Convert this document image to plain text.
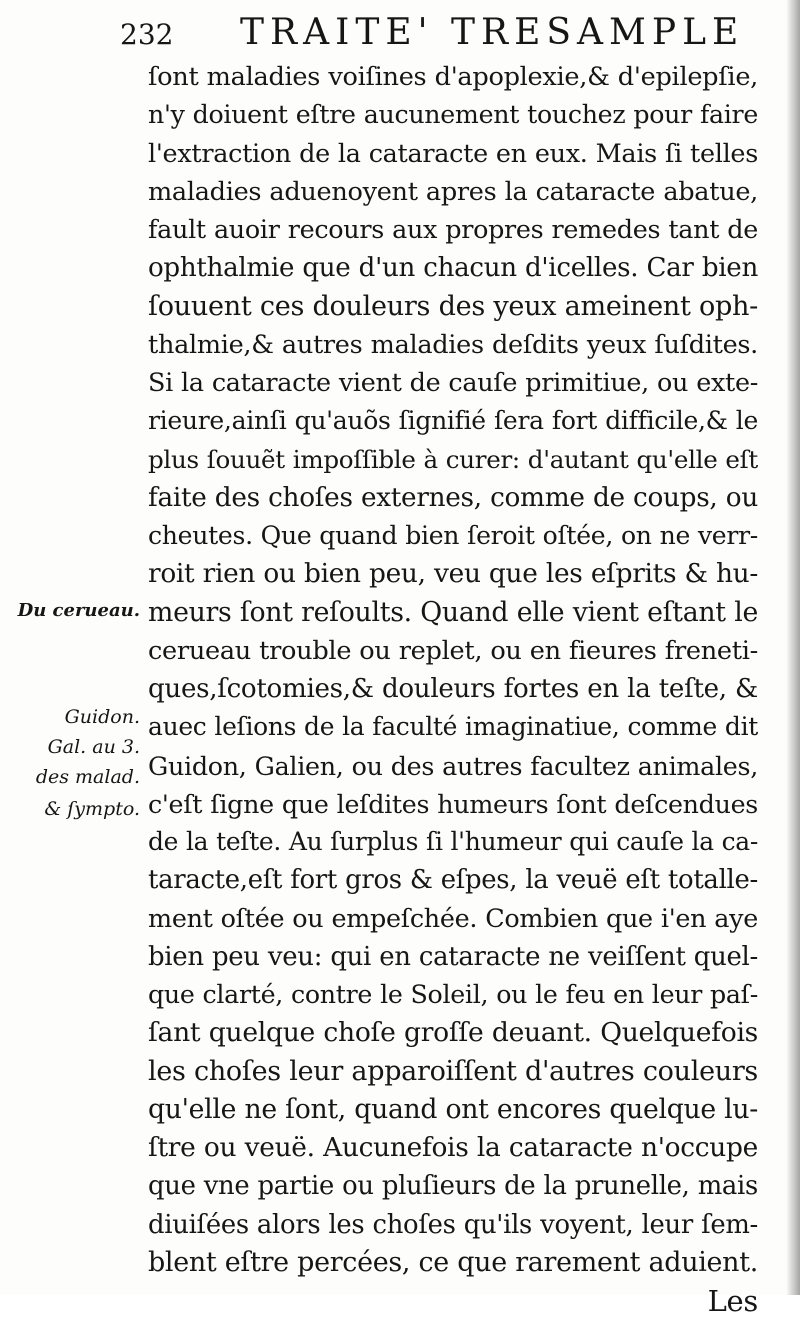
232 TRAITE' TRESAMPLE
Du cerueau.
Guidon.
Gal. au 3.
des malad.
& ſympto.
ſont maladies voiſines d'apoplexie,& d'epilepſie,
n'y doiuent eſtre aucunement touchez pour faire
l'extraction de la cataracte en eux. Mais ſi telles
maladies aduenoyent apres la cataracte abatue,
fault auoir recours aux propres remedes tant de
ophthalmie que d'un chacun d'icelles. Car bien
ſouuent ces douleurs des yeux ameinent oph-
thalmie,& autres maladies deſdits yeux ſuſdites.
Si la cataracte vient de cauſe primitiue, ou exte-
rieure,ainſi qu'auõs ſignifié ſera fort difficile,& le
plus ſouuẽt impoſſible à curer: d'autant qu'elle eſt
faite des choſes externes, comme de coups, ou
cheutes. Que quand bien ſeroit oſtée, on ne verr-
roit rien ou bien peu, veu que les eſprits & hu-
meurs ſont reſoults. Quand elle vient eſtant le
cerueau trouble ou replet, ou en fieures freneti-
ques,ſcotomies,& douleurs fortes en la teſte, &
auec leſions de la faculté imaginatiue, comme dit
Guidon, Galien, ou des autres facultez animales,
c'eſt ſigne que leſdites humeurs ſont deſcendues
de la teſte. Au ſurplus ſi l'humeur qui cauſe la ca-
taracte,eſt fort gros & eſpes, la veuë eſt totalle-
ment oſtée ou empeſchée. Combien que i'en aye
bien peu veu: qui en cataracte ne veiſſent quel-
que clarté, contre le Soleil, ou le feu en leur paſ-
ſant quelque choſe groſſe deuant. Quelquefois
les choſes leur apparoiſſent d'autres couleurs
qu'elle ne ſont, quand ont encores quelque lu-
ſtre ou veuë. Aucunefois la cataracte n'occupe
que vne partie ou pluſieurs de la prunelle, mais
diuiſées alors les choſes qu'ils voyent, leur ſem-
blent eſtre percées, ce que rarement aduient.
Les
